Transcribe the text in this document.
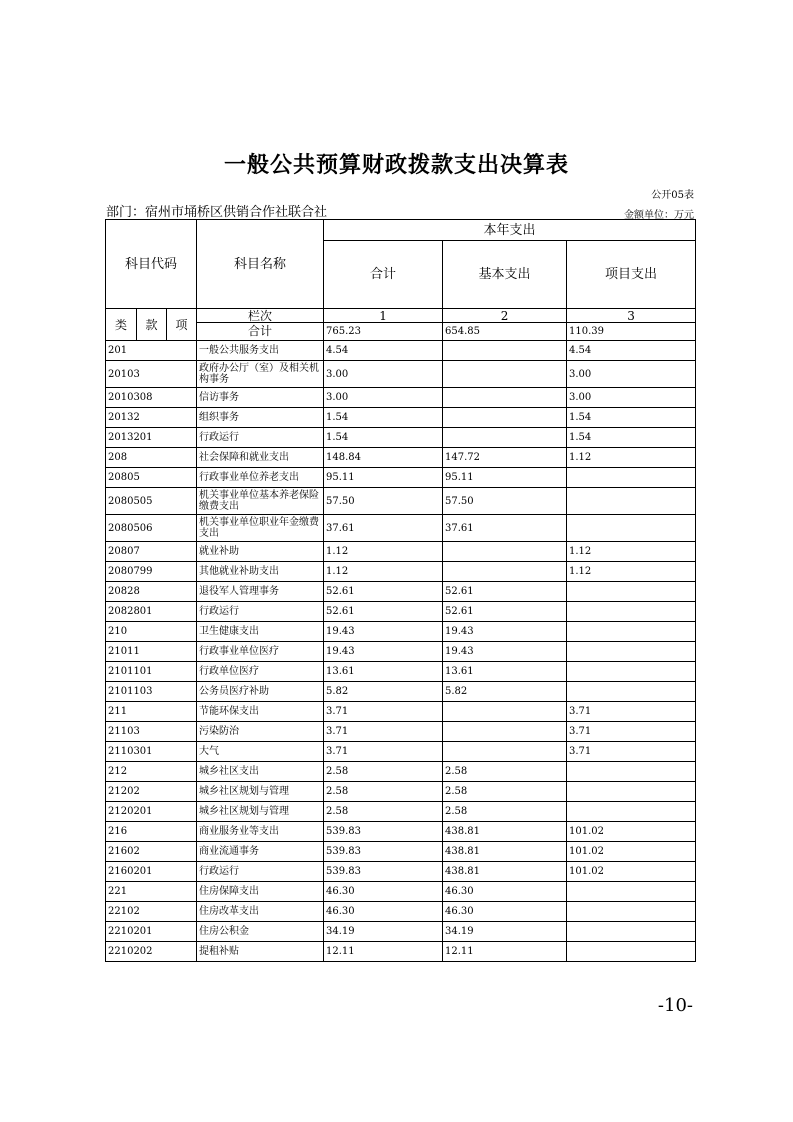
一般公共预算财政拨款支出决算表
公开05表
部门：宿州市埇桥区供销合作社联合社	金额单位：万元
科目代码			科目名称	本年支出		
				合计	基本支出	项目支出
类	款	项	栏次	1	2	3
			合计	765.23	654.85	110.39
201			一般公共服务支出	4.54		4.54
20103			政府办公厅（室）及相关机构事务	3.00		3.00
2010308			信访事务	3.00		3.00
20132			组织事务	1.54		1.54
2013201			行政运行	1.54		1.54
208			社会保障和就业支出	148.84	147.72	1.12
20805			行政事业单位养老支出	95.11	95.11	
2080505			机关事业单位基本养老保险缴费支出	57.50	57.50	
2080506			机关事业单位职业年金缴费支出	37.61	37.61	
20807			就业补助	1.12		1.12
2080799			其他就业补助支出	1.12		1.12
20828			退役军人管理事务	52.61	52.61	
2082801			行政运行	52.61	52.61	
210			卫生健康支出	19.43	19.43	
21011			行政事业单位医疗	19.43	19.43	
2101101			行政单位医疗	13.61	13.61	
2101103			公务员医疗补助	5.82	5.82	
211			节能环保支出	3.71		3.71
21103			污染防治	3.71		3.71
2110301			大气	3.71		3.71
212			城乡社区支出	2.58	2.58	
21202			城乡社区规划与管理	2.58	2.58	
2120201			城乡社区规划与管理	2.58	2.58	
216			商业服务业等支出	539.83	438.81	101.02
21602			商业流通事务	539.83	438.81	101.02
2160201			行政运行	539.83	438.81	101.02
221			住房保障支出	46.30	46.30	
22102			住房改革支出	46.30	46.30	
2210201			住房公积金	34.19	34.19	
2210202			提租补贴	12.11	12.11	
-10-
